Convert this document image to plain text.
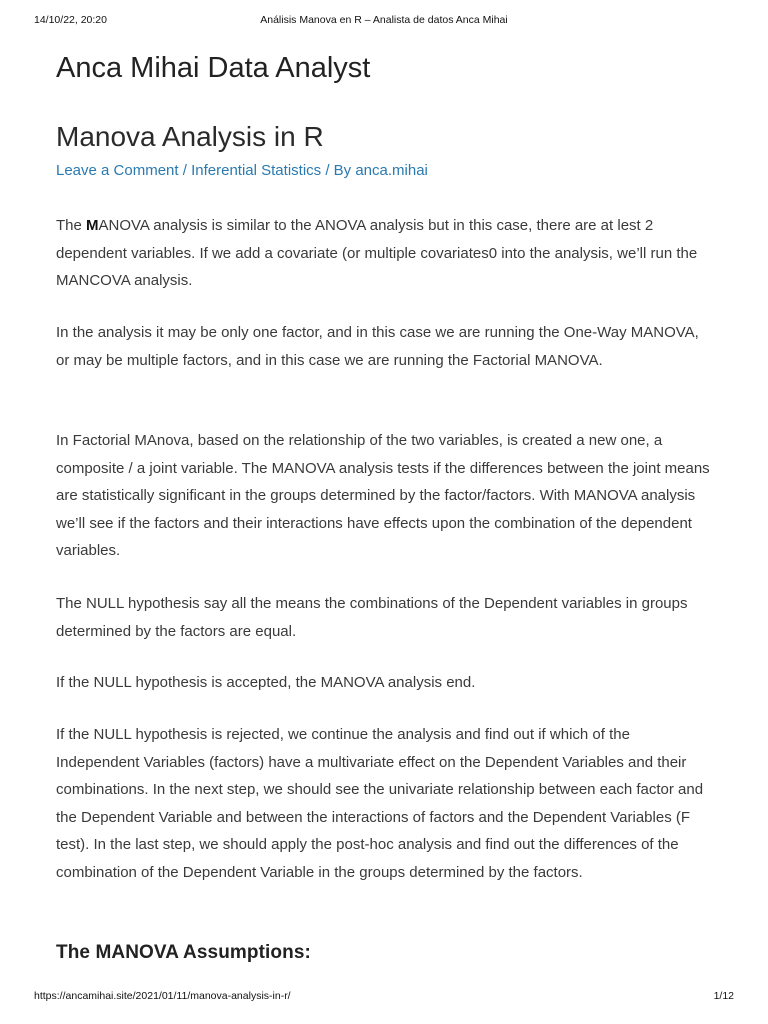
14/10/22, 20:20	Análisis Manova en R – Analista de datos Anca Mihai
Anca Mihai Data Analyst
Manova Analysis in R
Leave a Comment / Inferential Statistics / By anca.mihai

The MANOVA analysis is similar to the ANOVA analysis but in this case, there are at lest 2 dependent variables. If we add a covariate (or multiple covariates0 into the analysis, we’ll run the MANCOVA analysis.

In the analysis it may be only one factor, and in this case we are running the One-Way MANOVA, or may be multiple factors, and in this case we are running the Factorial MANOVA.

In Factorial MAnova, based on the relationship of the two variables, is created a new one, a composite / a joint variable. The MANOVA analysis tests if the differences between the joint means are statistically significant in the groups determined by the factor/factors. With MANOVA analysis we’ll see if the factors and their interactions have effects upon the combination of the dependent variables.

The NULL hypothesis say all the means the combinations of the Dependent variables in groups determined by the factors are equal.

If the NULL hypothesis is accepted, the MANOVA analysis end.

If the NULL hypothesis is rejected, we continue the analysis and find out if which of the Independent Variables (factors) have a multivariate effect on the Dependent Variables and their combinations. In the next step, we should see the univariate relationship between each factor and the Dependent Variable and between the interactions of factors and the Dependent Variables (F test). In the last step, we should apply the post-hoc analysis and find out the differences of the combination of the Dependent Variable in the groups determined by the factors.

The MANOVA Assumptions:
https://ancamihai.site/2021/01/11/manova-analysis-in-r/	1/12
